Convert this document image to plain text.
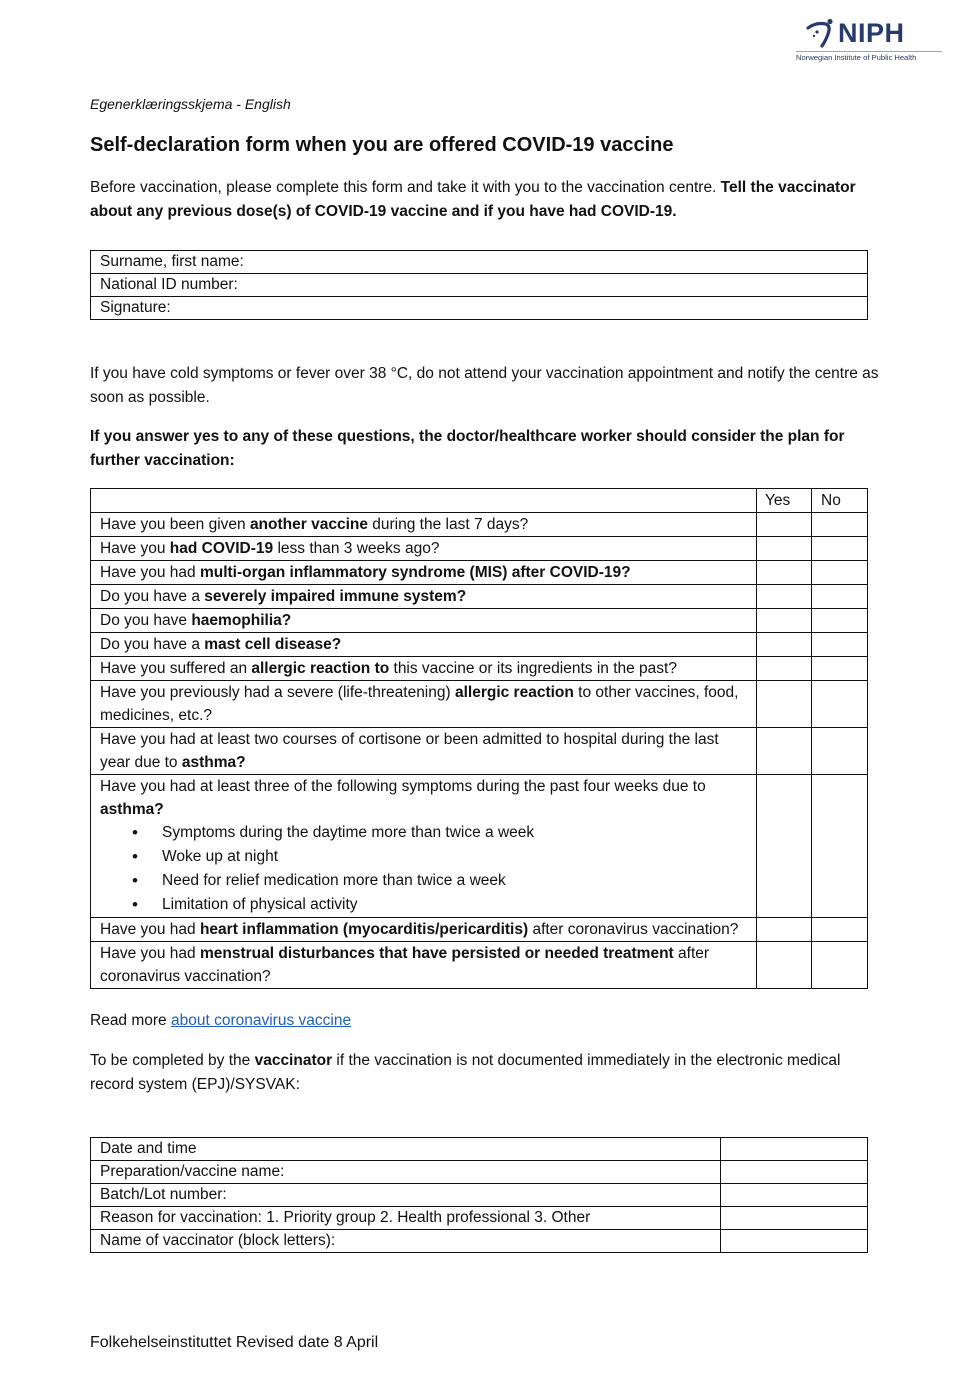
NIPH
Norwegian Institute of Public Health
Egenerklæringsskjema - English
Self-declaration form when you are offered COVID-19 vaccine
Before vaccination, please complete this form and take it with you to the vaccination centre. Tell the vaccinator about any previous dose(s) of COVID-19 vaccine and if you have had COVID-19.
Surname, first name:
National ID number:
Signature:
If you have cold symptoms or fever over 38 °C, do not attend your vaccination appointment and notify the centre as soon as possible.
If you answer yes to any of these questions, the doctor/healthcare worker should consider the plan for further vaccination:
	Yes	No
Have you been given another vaccine during the last 7 days?		
Have you had COVID-19 less than 3 weeks ago?		
Have you had multi-organ inflammatory syndrome (MIS) after COVID-19?		
Do you have a severely impaired immune system?		
Do you have haemophilia?		
Do you have a mast cell disease?		
Have you suffered an allergic reaction to this vaccine or its ingredients in the past?		
Have you previously had a severe (life-threatening) allergic reaction to other vaccines, food, medicines, etc.?		
Have you had at least two courses of cortisone or been admitted to hospital during the last year due to asthma?		
Have you had at least three of the following symptoms during the past four weeks due to asthma?
• Symptoms during the daytime more than twice a week
• Woke up at night
• Need for relief medication more than twice a week
• Limitation of physical activity

Have you had heart inflammation (myocarditis/pericarditis) after coronavirus vaccination?		
Have you had menstrual disturbances that have persisted or needed treatment after coronavirus vaccination?		
Read more about coronavirus vaccine
To be completed by the vaccinator if the vaccination is not documented immediately in the electronic medical record system (EPJ)/SYSVAK:
Date and time	
Preparation/vaccine name:	
Batch/Lot number:	
Reason for vaccination: 1. Priority group 2. Health professional 3. Other	
Name of vaccinator (block letters):	
Folkehelseinstituttet Revised date 8 April
